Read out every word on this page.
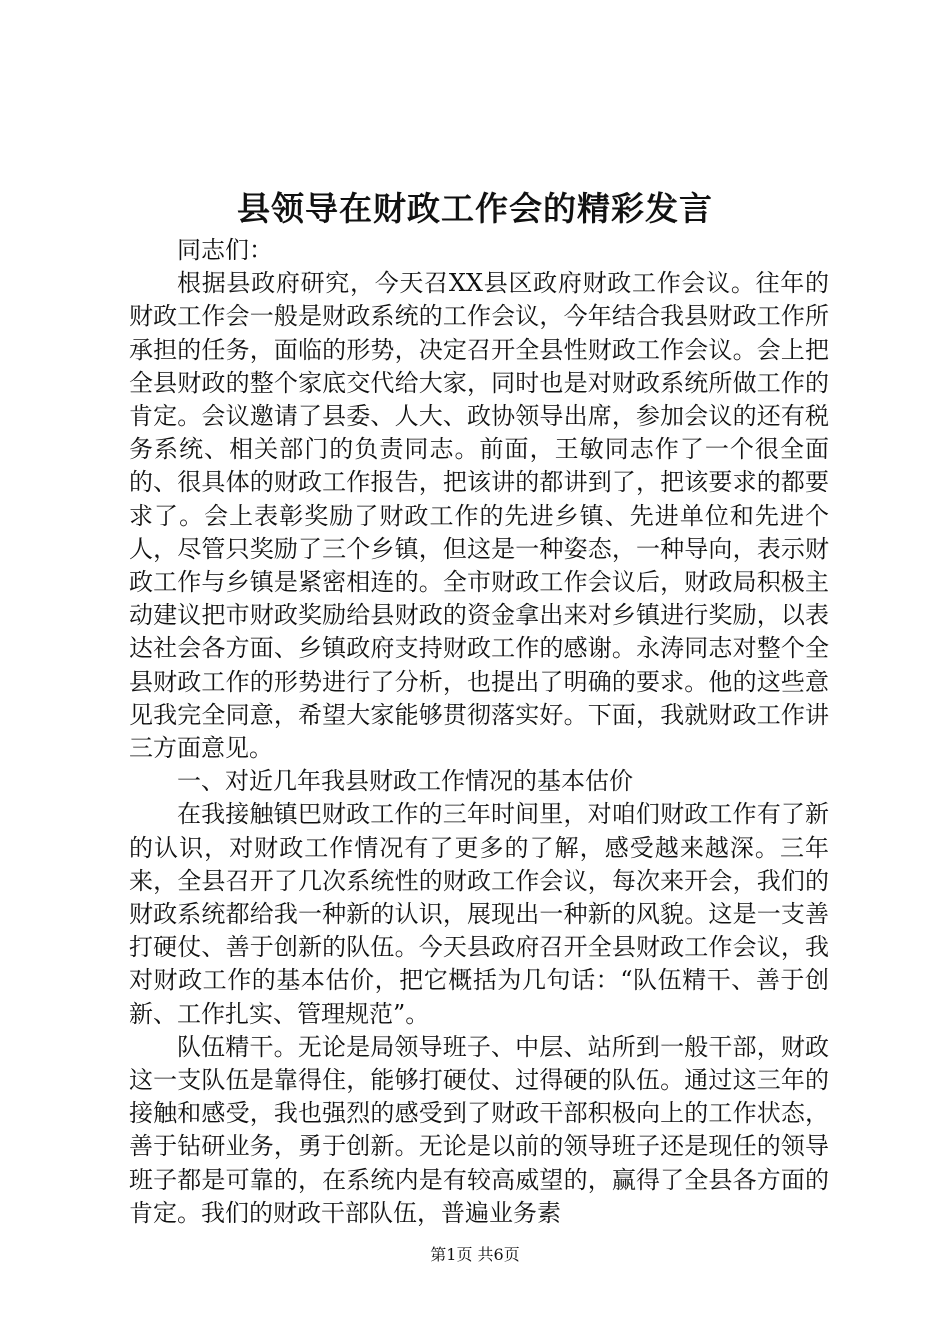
县领导在财政工作会的精彩发言

同志们：

根据县政府研究，今天召XX县区政府财政工作会议。往年的财政工作会一般是财政系统的工作会议，今年结合我县财政工作所承担的任务，面临的形势，决定召开全县性财政工作会议。会上把全县财政的整个家底交代给大家，同时也是对财政系统所做工作的肯定。会议邀请了县委、人大、政协领导出席，参加会议的还有税务系统、相关部门的负责同志。前面，王敏同志作了一个很全面的、很具体的财政工作报告，把该讲的都讲到了，把该要求的都要求了。会上表彰奖励了财政工作的先进乡镇、先进单位和先进个人，尽管只奖励了三个乡镇，但这是一种姿态，一种导向，表示财政工作与乡镇是紧密相连的。全市财政工作会议后，财政局积极主动建议把市财政奖励给县财政的资金拿出来对乡镇进行奖励，以表达社会各方面、乡镇政府支持财政工作的感谢。永涛同志对整个全县财政工作的形势进行了分析，也提出了明确的要求。他的这些意见我完全同意，希望大家能够贯彻落实好。下面，我就财政工作讲三方面意见。

一、对近几年我县财政工作情况的基本估价

在我接触镇巴财政工作的三年时间里，对咱们财政工作有了新的认识，对财政工作情况有了更多的了解，感受越来越深。三年来，全县召开了几次系统性的财政工作会议，每次来开会，我们的财政系统都给我一种新的认识，展现出一种新的风貌。这是一支善打硬仗、善于创新的队伍。今天县政府召开全县财政工作会议，我对财政工作的基本估价，把它概括为几句话：“队伍精干、善于创新、工作扎实、管理规范”。

队伍精干。无论是局领导班子、中层、站所到一般干部，财政这一支队伍是靠得住，能够打硬仗、过得硬的队伍。通过这三年的接触和感受，我也强烈的感受到了财政干部积极向上的工作状态，善于钻研业务，勇于创新。无论是以前的领导班子还是现任的领导班子都是可靠的，在系统内是有较高威望的，赢得了全县各方面的肯定。我们的财政干部队伍，普遍业务素

第1页 共6页
